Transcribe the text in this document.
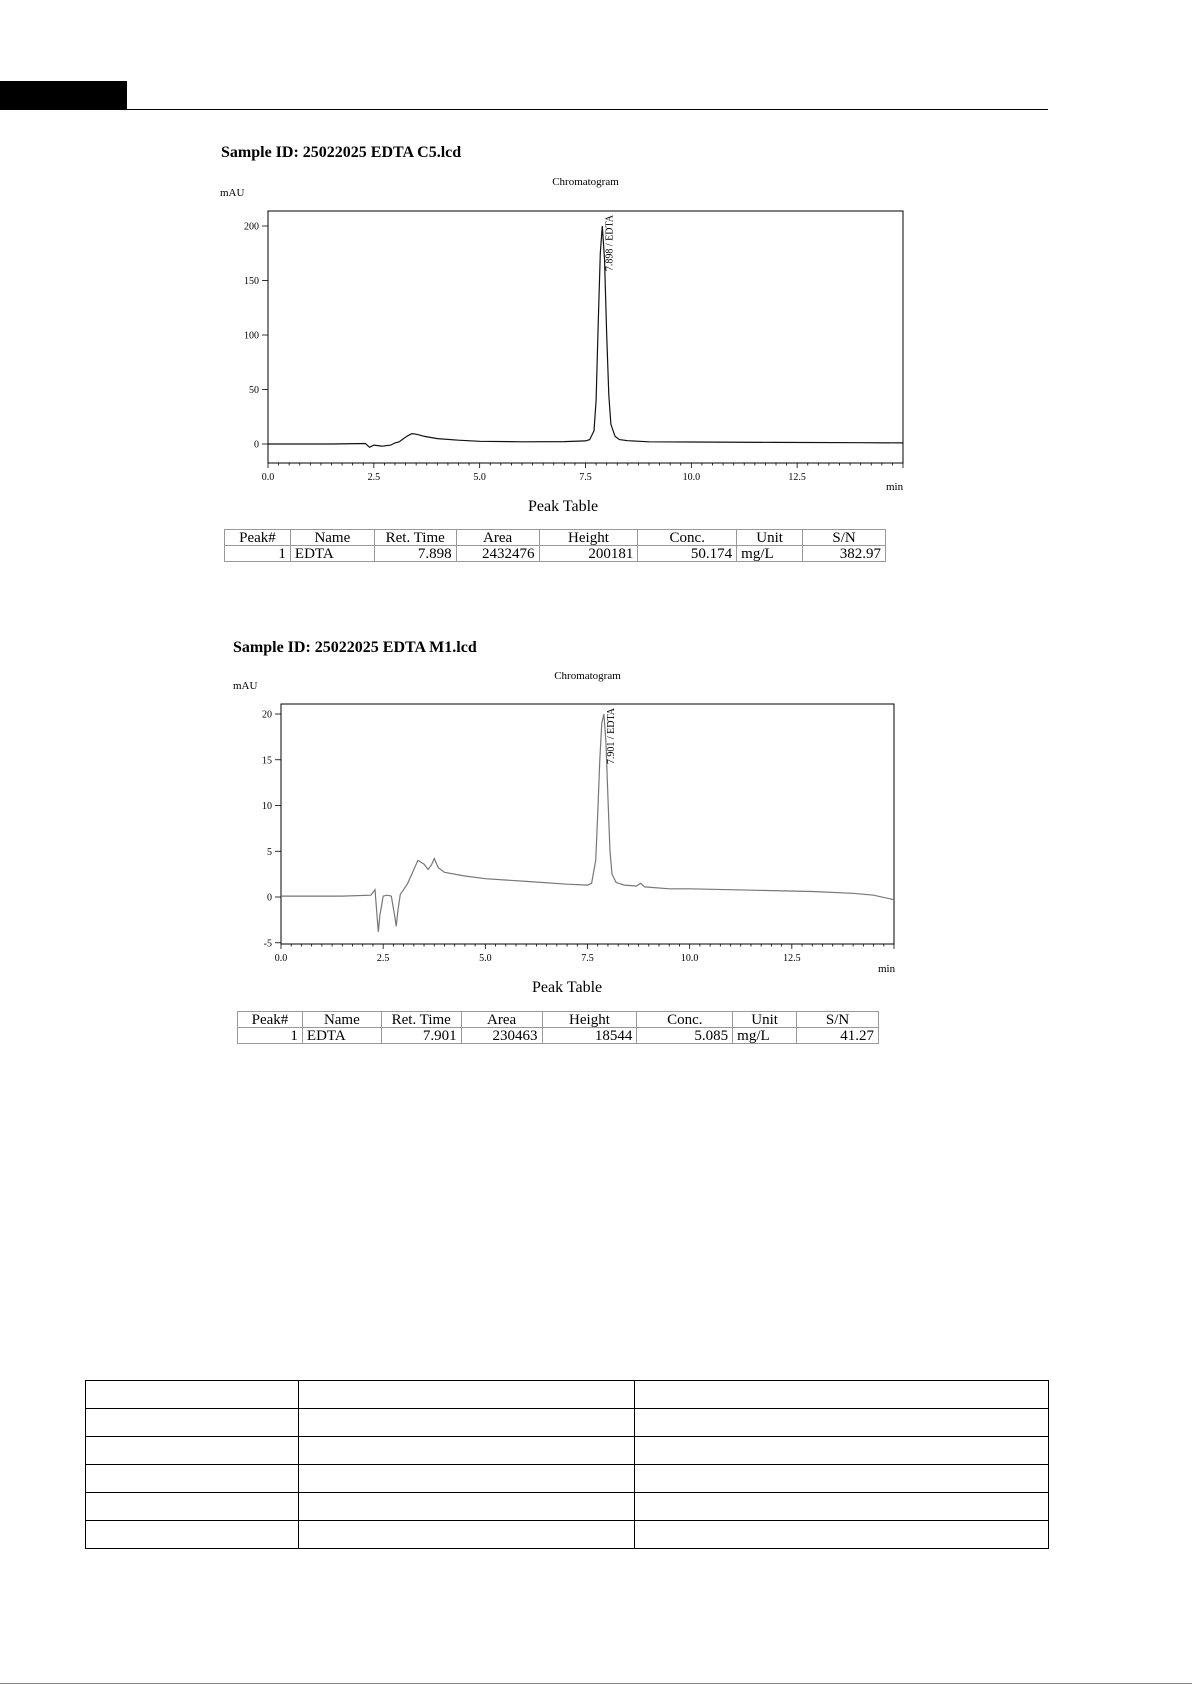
Sample ID: 25022025 EDTA C5.lcd
Chromatogram
mAU
min
0.0	2.5	5.0	7.5	10.0	12.5
0
50
100
150
200	7.898 / EDTA
Peak Table
Peak#	Name	Ret. Time	Area	Height	Conc.	Unit	S/N
1	EDTA	7.898	2432476	200181	50.174	mg/L	382.97
Sample ID: 25022025 EDTA M1.lcd
Chromatogram
mAU
min
0.0	2.5	5.0	7.5	10.0	12.5
-5
0
5
10
15
20	7.901 / EDTA
Peak Table
Peak#	Name	Ret. Time	Area	Height	Conc.	Unit	S/N
1	EDTA	7.901	230463	18544	5.085	mg/L	41.27
